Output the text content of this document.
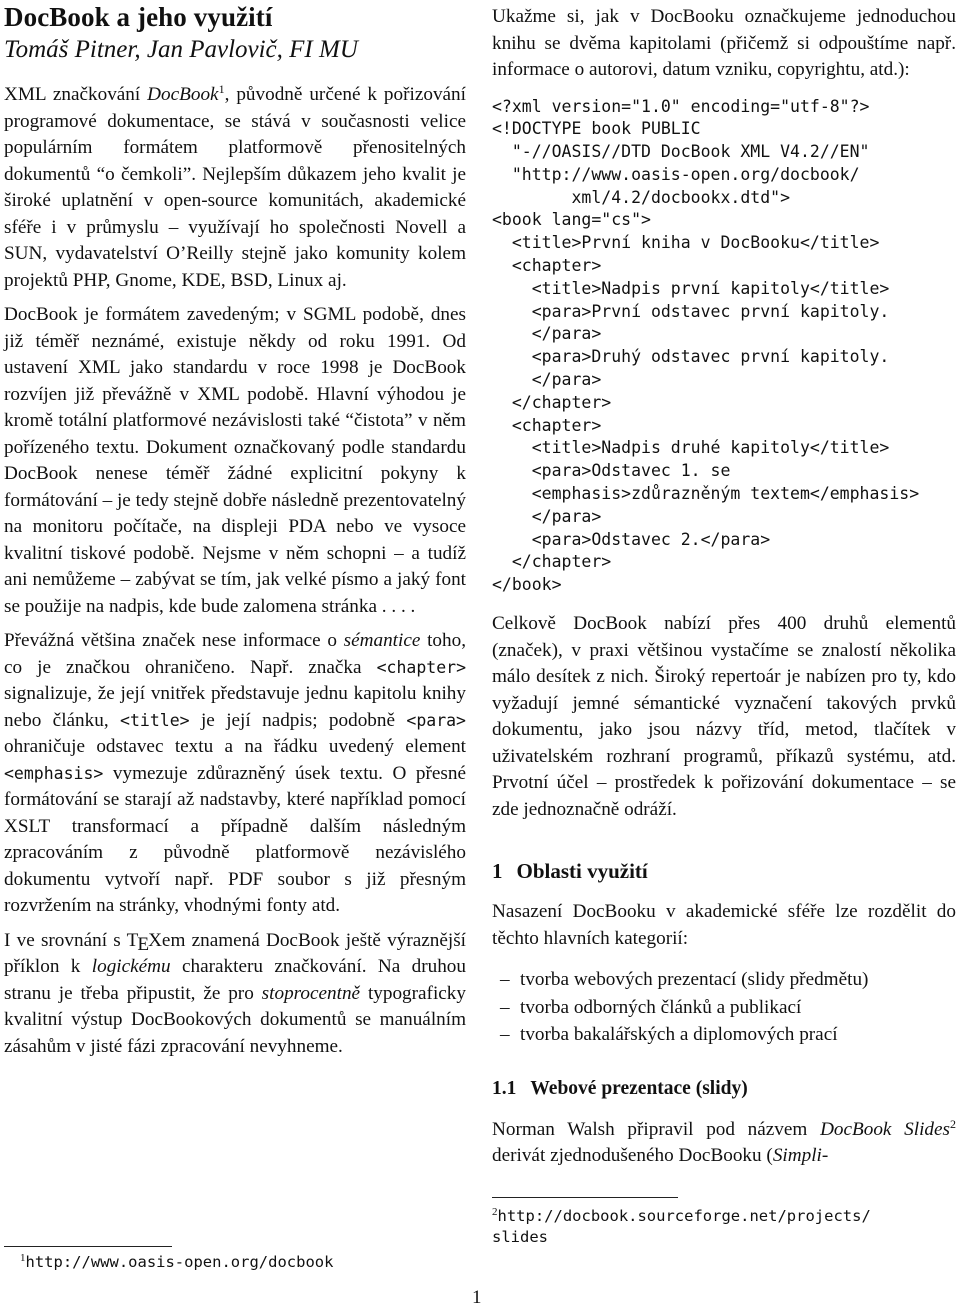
DocBook a jeho využití
Tomáš Pitner, Jan Pavlovič, FI MU

XML značkování DocBook$^1$, původně určené k pořizování programové dokumentace, se stává v současnosti velice populárním formátem platformově přenositelných dokumentů “o čemkoli”. Nejlepším důkazem jeho kvalit je široké uplatnění v open-source komunitách, akademické sféře i v průmyslu – využívají ho společnosti Novell a SUN, vydavatelství O’Reilly stejně jako komunity kolem projektů PHP, Gnome, KDE, BSD, Linux aj.

DocBook je formátem zavedeným; v SGML podobě, dnes již téměř neznámé, existuje někdy od roku 1991. Od ustavení XML jako standardu v roce 1998 je DocBook rozvíjen již převážně v XML podobě. Hlavní výhodou je kromě totální platformové nezávislosti také “čistota” v něm pořízeného textu. Dokument označkovaný podle standardu DocBook nenese téměř žádné explicitní pokyny k formátování – je tedy stejně dobře následně prezentovatelný na monitoru počítače, na displeji PDA nebo ve vysoce kvalitní tiskové podobě. Nejsme v něm schopni – a tudíž ani nemůžeme – zabývat se tím, jak velké písmo a jaký font se použije na nadpis, kde bude zalomena stránka . . . .

Převážná většina značek nese informace o sémantice toho, co je značkou ohraničeno. Např. značka <chapter> signalizuje, že její vnitřek představuje jednu kapitolu knihy nebo článku, <title> je její nadpis; podobně <para> ohraničuje odstavec textu a na řádku uvedený element <emphasis> vymezuje zdůrazněný úsek textu. O přesné formátování se starají až nadstavby, které například pomocí XSLT transformací a případně dalším následným zpracováním z původně platformově nezávislého dokumentu vytvoří např. PDF soubor s již přesným rozvržením na stránky, vhodnými fonty atd.

I ve srovnání s TEXem znamená DocBook ještě výraznější příklon k logickému charakteru značkování. Na druhou stranu je třeba připustit, že pro stoprocentně typograficky kvalitní výstup DocBookových dokumentů se manuálním zásahům v jisté fázi zpracování nevyhneme.

$^1$http://www.oasis-open.org/docbook

Ukažme si, jak v DocBooku označkujeme jednoduchou knihu se dvěma kapitolami (přičemž si odpouštíme např. informace o autorovi, datum vzniku, copyrightu, atd.):

<?xml version="1.0" encoding="utf-8"?>
<!DOCTYPE book PUBLIC
"-//OASIS//DTD DocBook XML V4.2//EN"
"http://www.oasis-open.org/docbook/
xml/4.2/docbookx.dtd">
<book lang="cs">
<title>První kniha v DocBooku</title>
<chapter>
<title>Nadpis první kapitoly</title>
<para>První odstavec první kapitoly.
</para>
<para>Druhý odstavec první kapitoly.
</para>
</chapter>
<chapter>
<title>Nadpis druhé kapitoly</title>
<para>Odstavec 1. se
<emphasis>zdůrazněným textem</emphasis>
</para>
<para>Odstavec 2.</para>
</chapter>
</book>

Celkově DocBook nabízí přes 400 druhů elementů (značek), v praxi většinou vystačíme se znalostí několika málo desítek z nich. Široký repertoár je nabízen pro ty, kdo vyžadují jemné sémantické vyznačení takových prvků dokumentu, jako jsou názvy tříd, metod, tlačítek v uživatelském rozhraní programů, příkazů systému, atd. Prvotní účel – prostředek k pořizování dokumentace – se zde jednoznačně odráží.

1 Oblasti využití

Nasazení DocBooku v akademické sféře lze rozdělit do těchto hlavních kategorií:

– tvorba webových prezentací (slidy předmětu)
– tvorba odborných článků a publikací
– tvorba bakalářských a diplomových prací
1.1 Webové prezentace (slidy)

Norman Walsh připravil pod názvem DocBook Slides$^2$ derivát zjednodušeného DocBooku (Simpli-

$^2$http://docbook.sourceforge.net/projects/
slides
1
